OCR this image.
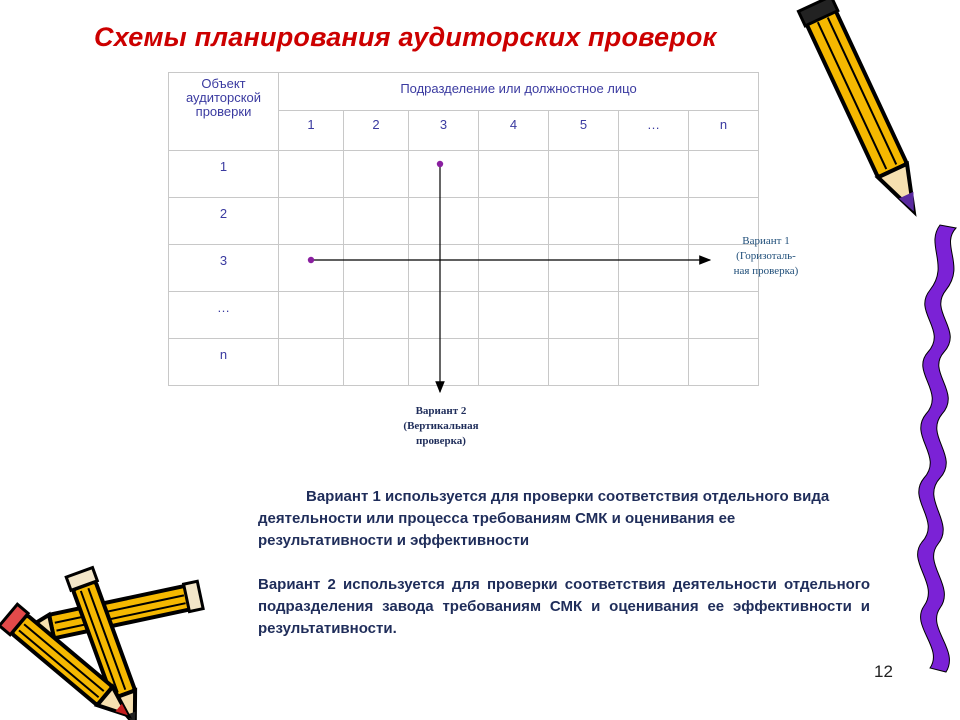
Схемы планирования аудиторских проверок
Объект аудиторской проверки	Подразделение или должностное лицо						
	1	2	3	4	5	…	n
1							
2							
3							
…							
n							
Вариант 1
(Горизоталь-
ная проверка)
Вариант 2
(Вертикальная
проверка)
Вариант 1 используется для проверки соответствия отдельного вида деятельности или процесса требованиям СМК и оценивания ее результативности и эффективности
Вариант 2 используется для проверки соответствия деятельности отдельного подразделения завода требованиям СМК и оценивания ее эффективности и результативности.
12
